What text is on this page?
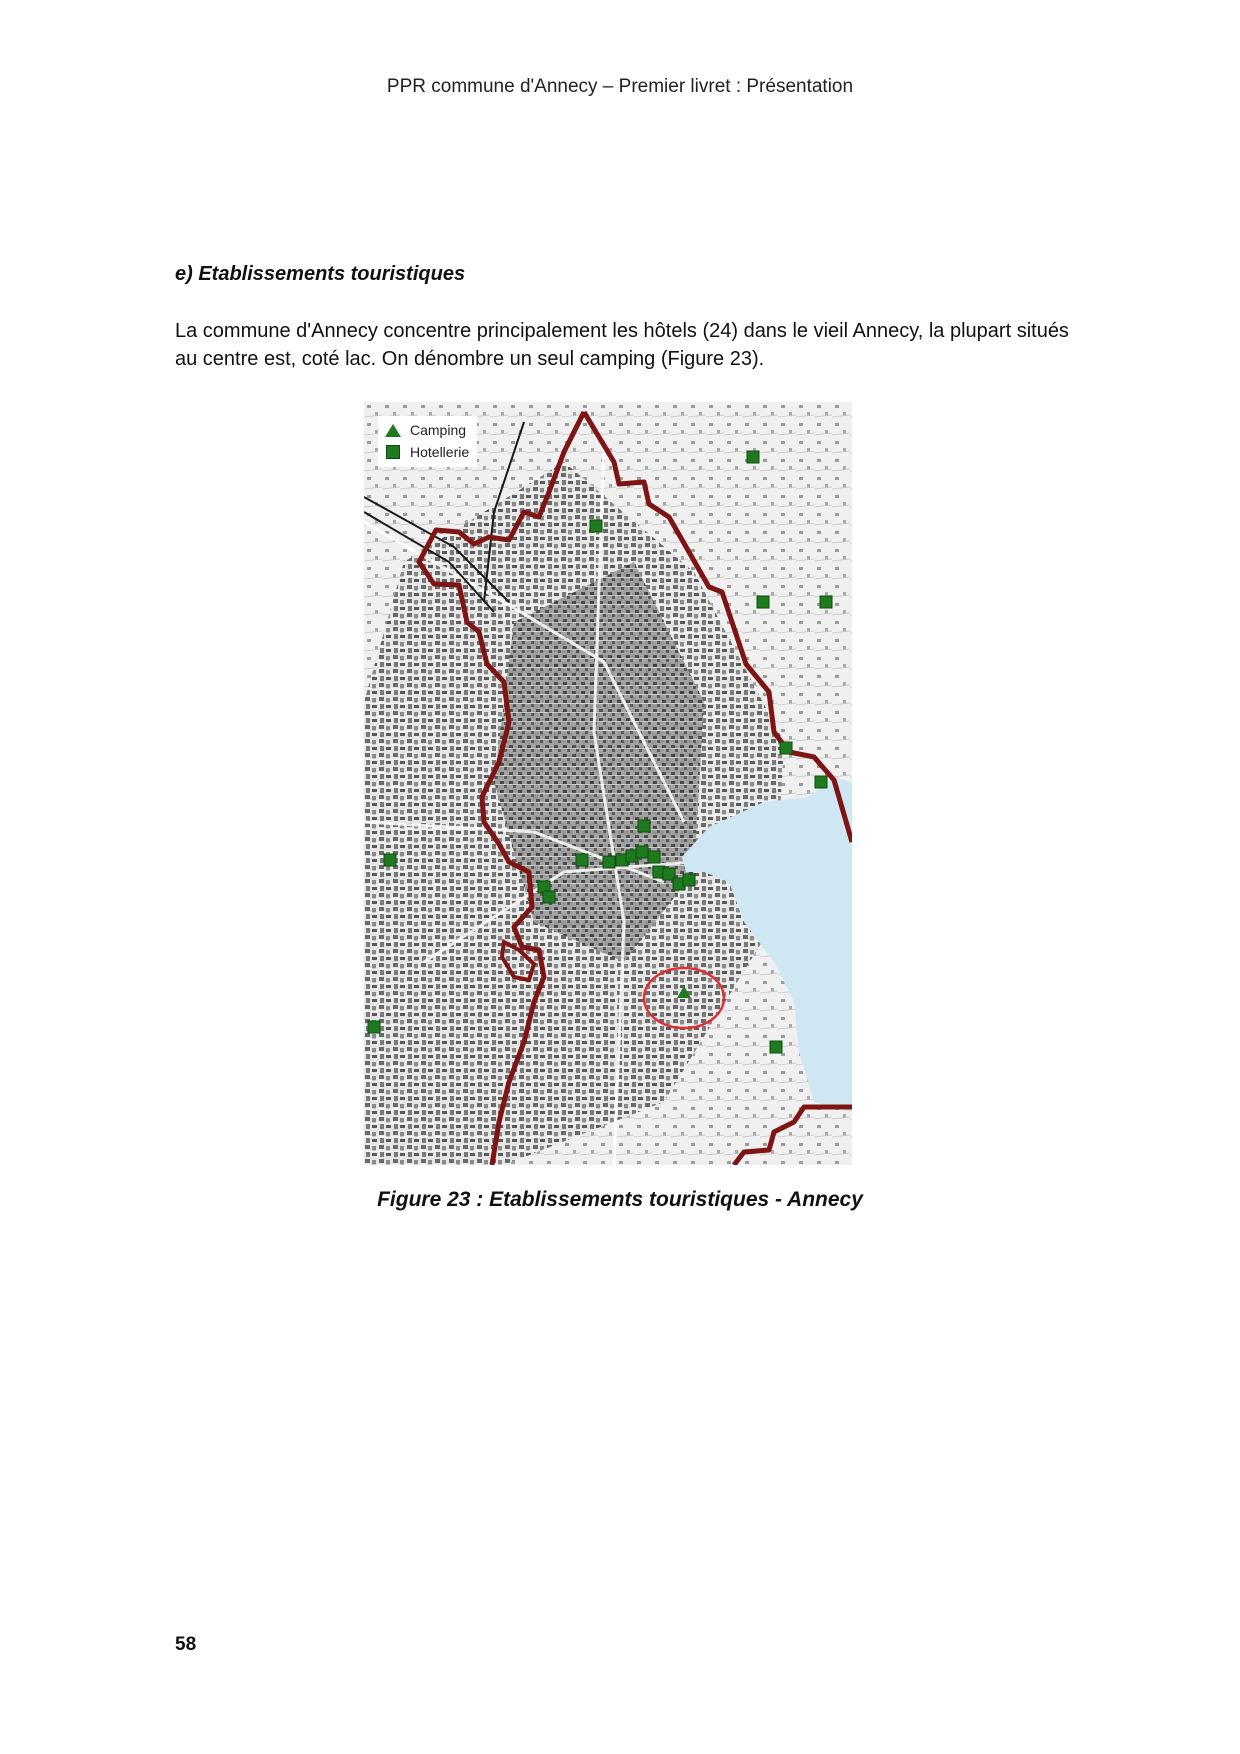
PPR commune d'Annecy – Premier livret : Présentation
e) Etablissements touristiques
La commune d'Annecy concentre principalement les hôtels (24) dans le vieil Annecy, la plupart situés au centre est, coté lac. On dénombre un seul camping (Figure 23).
Camping
Hotellerie
Figure 23 : Etablissements touristiques - Annecy
58
